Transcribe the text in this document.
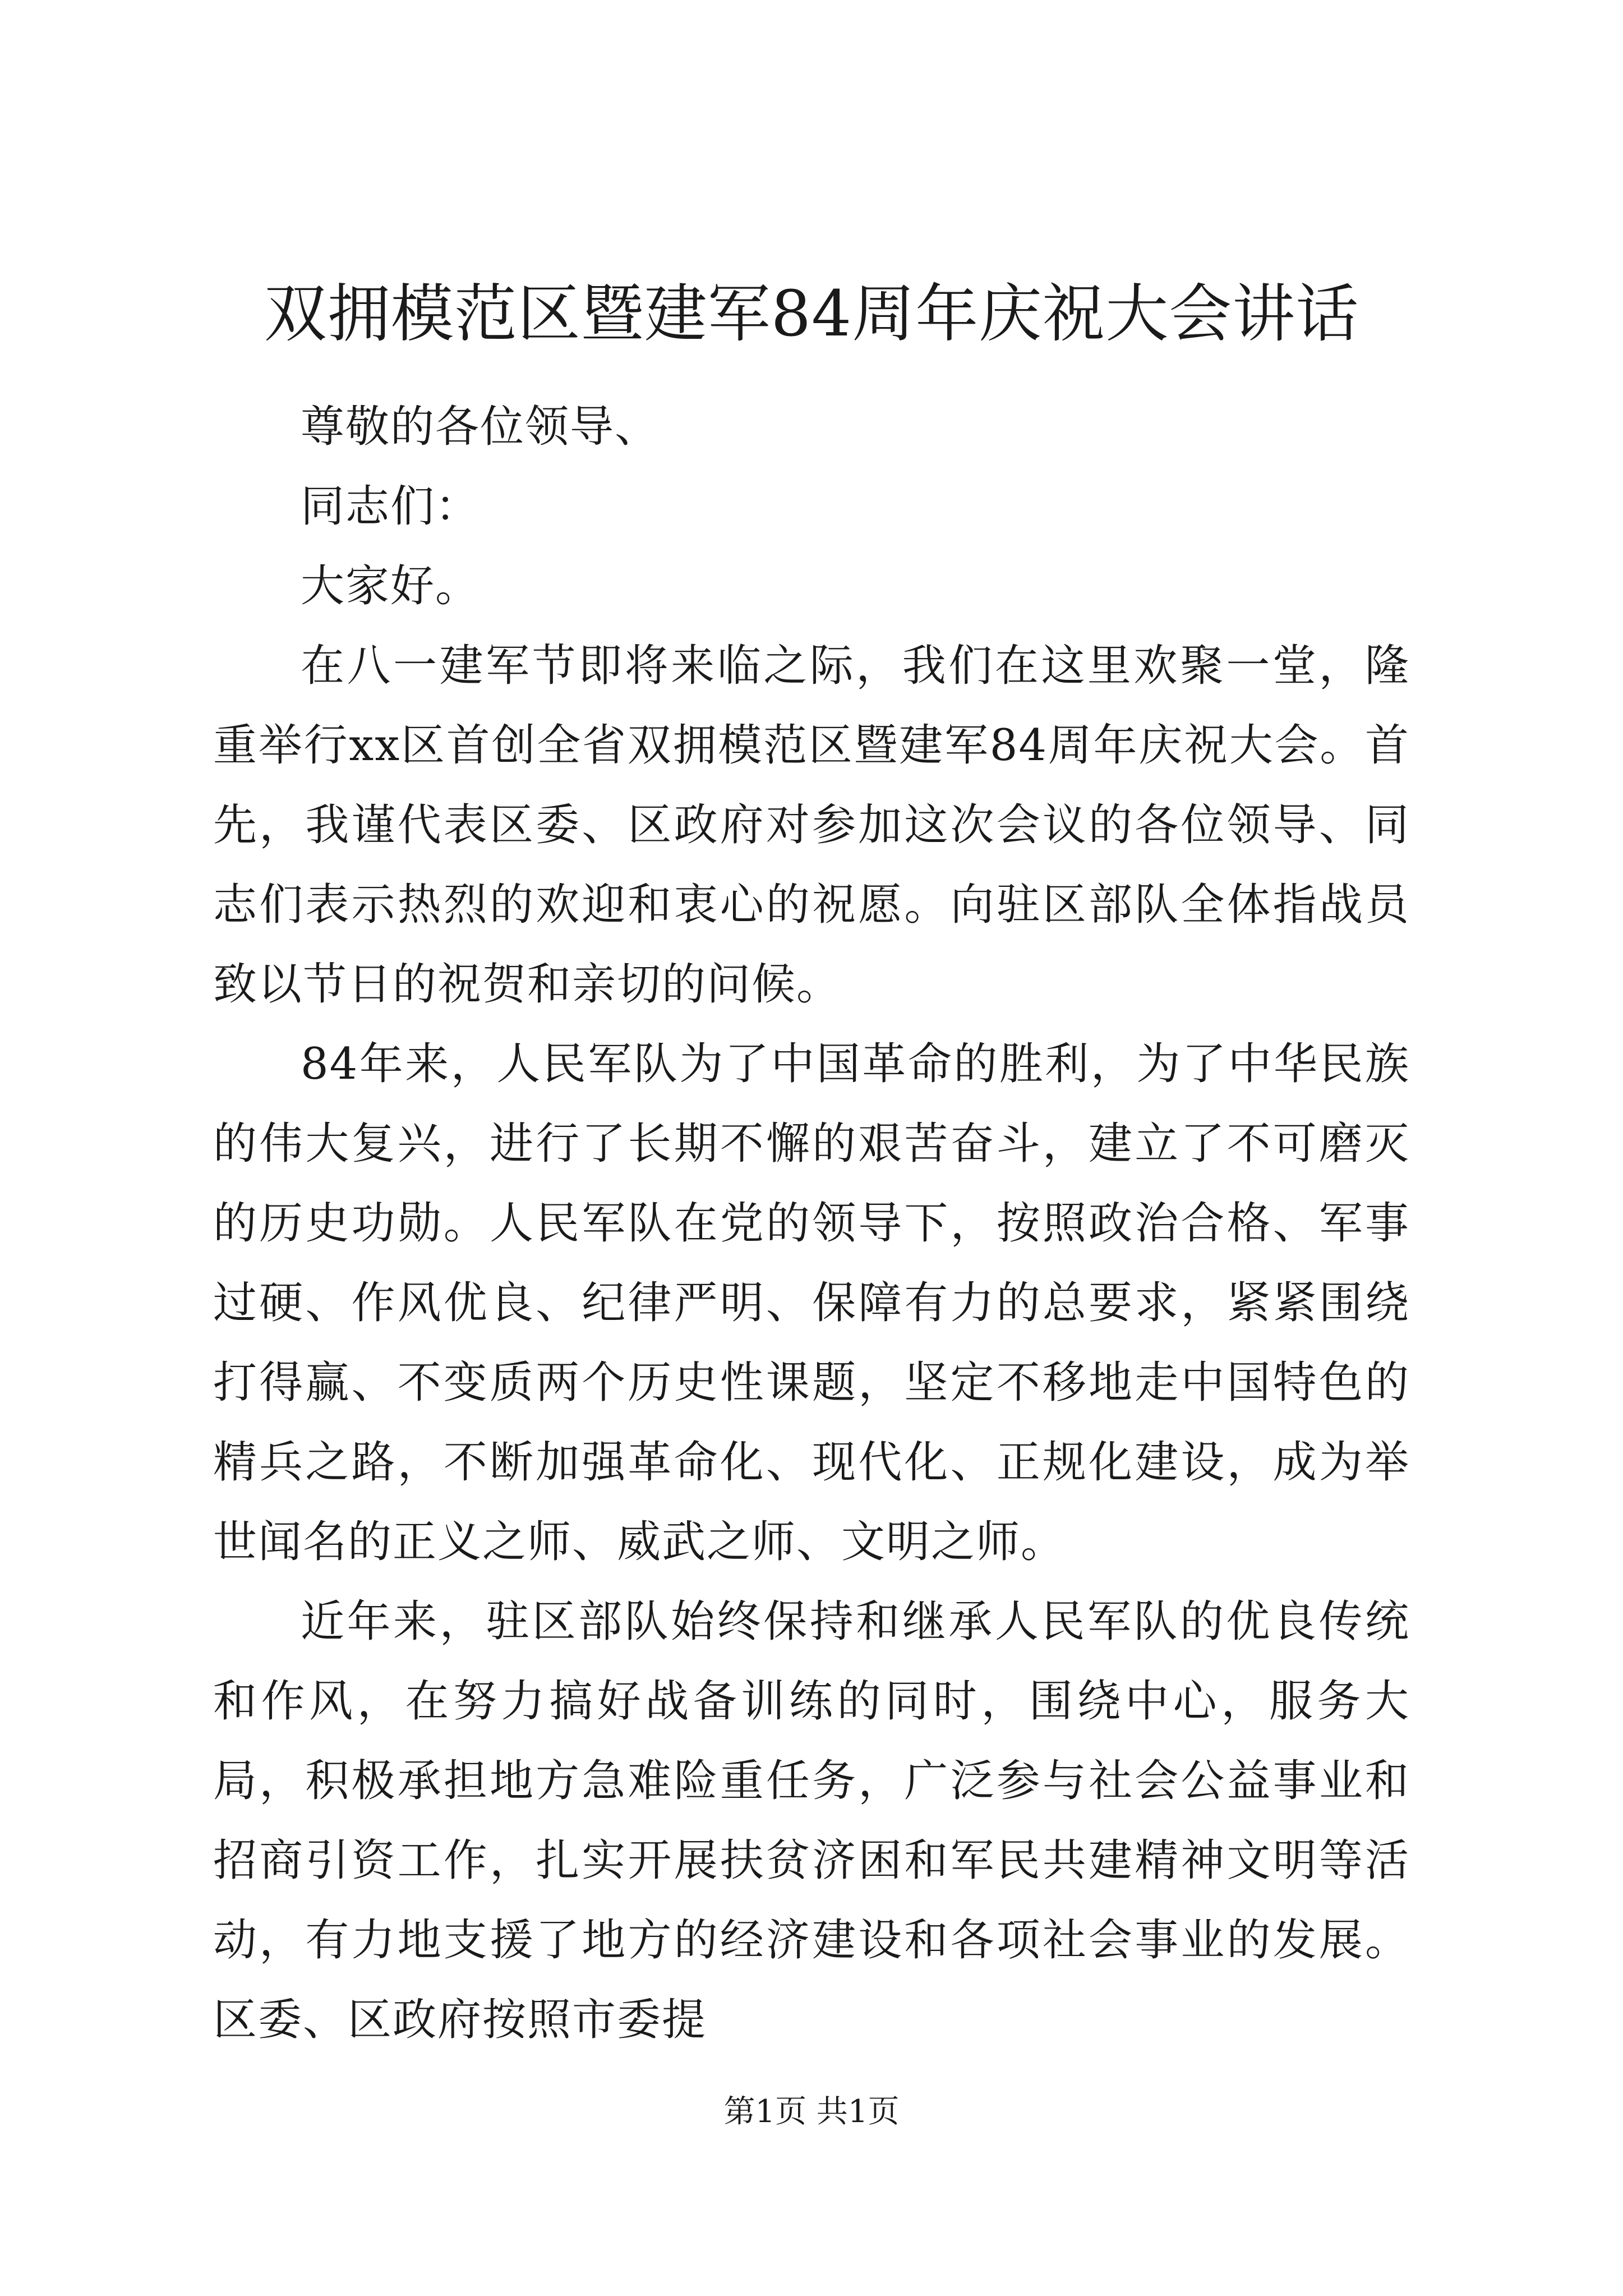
双拥模范区暨建军84周年庆祝大会讲话

尊敬的各位领导、

同志们：

大家好。

在八一建军节即将来临之际，我们在这里欢聚一堂，隆重举行xx区首创全省双拥模范区暨建军84周年庆祝大会。首先，我谨代表区委、区政府对参加这次会议的各位领导、同志们表示热烈的欢迎和衷心的祝愿。向驻区部队全体指战员致以节日的祝贺和亲切的问候。

84年来，人民军队为了中国革命的胜利，为了中华民族的伟大复兴，进行了长期不懈的艰苦奋斗，建立了不可磨灭的历史功勋。人民军队在党的领导下，按照政治合格、军事过硬、作风优良、纪律严明、保障有力的总要求，紧紧围绕打得赢、不变质两个历史性课题，坚定不移地走中国特色的精兵之路，不断加强革命化、现代化、正规化建设，成为举世闻名的正义之师、威武之师、文明之师。

近年来，驻区部队始终保持和继承人民军队的优良传统和作风，在努力搞好战备训练的同时，围绕中心，服务大局，积极承担地方急难险重任务，广泛参与社会公益事业和招商引资工作，扎实开展扶贫济困和军民共建精神文明等活动，有力地支援了地方的经济建设和各项社会事业的发展。区委、区政府按照市委提

第1页 共1页
